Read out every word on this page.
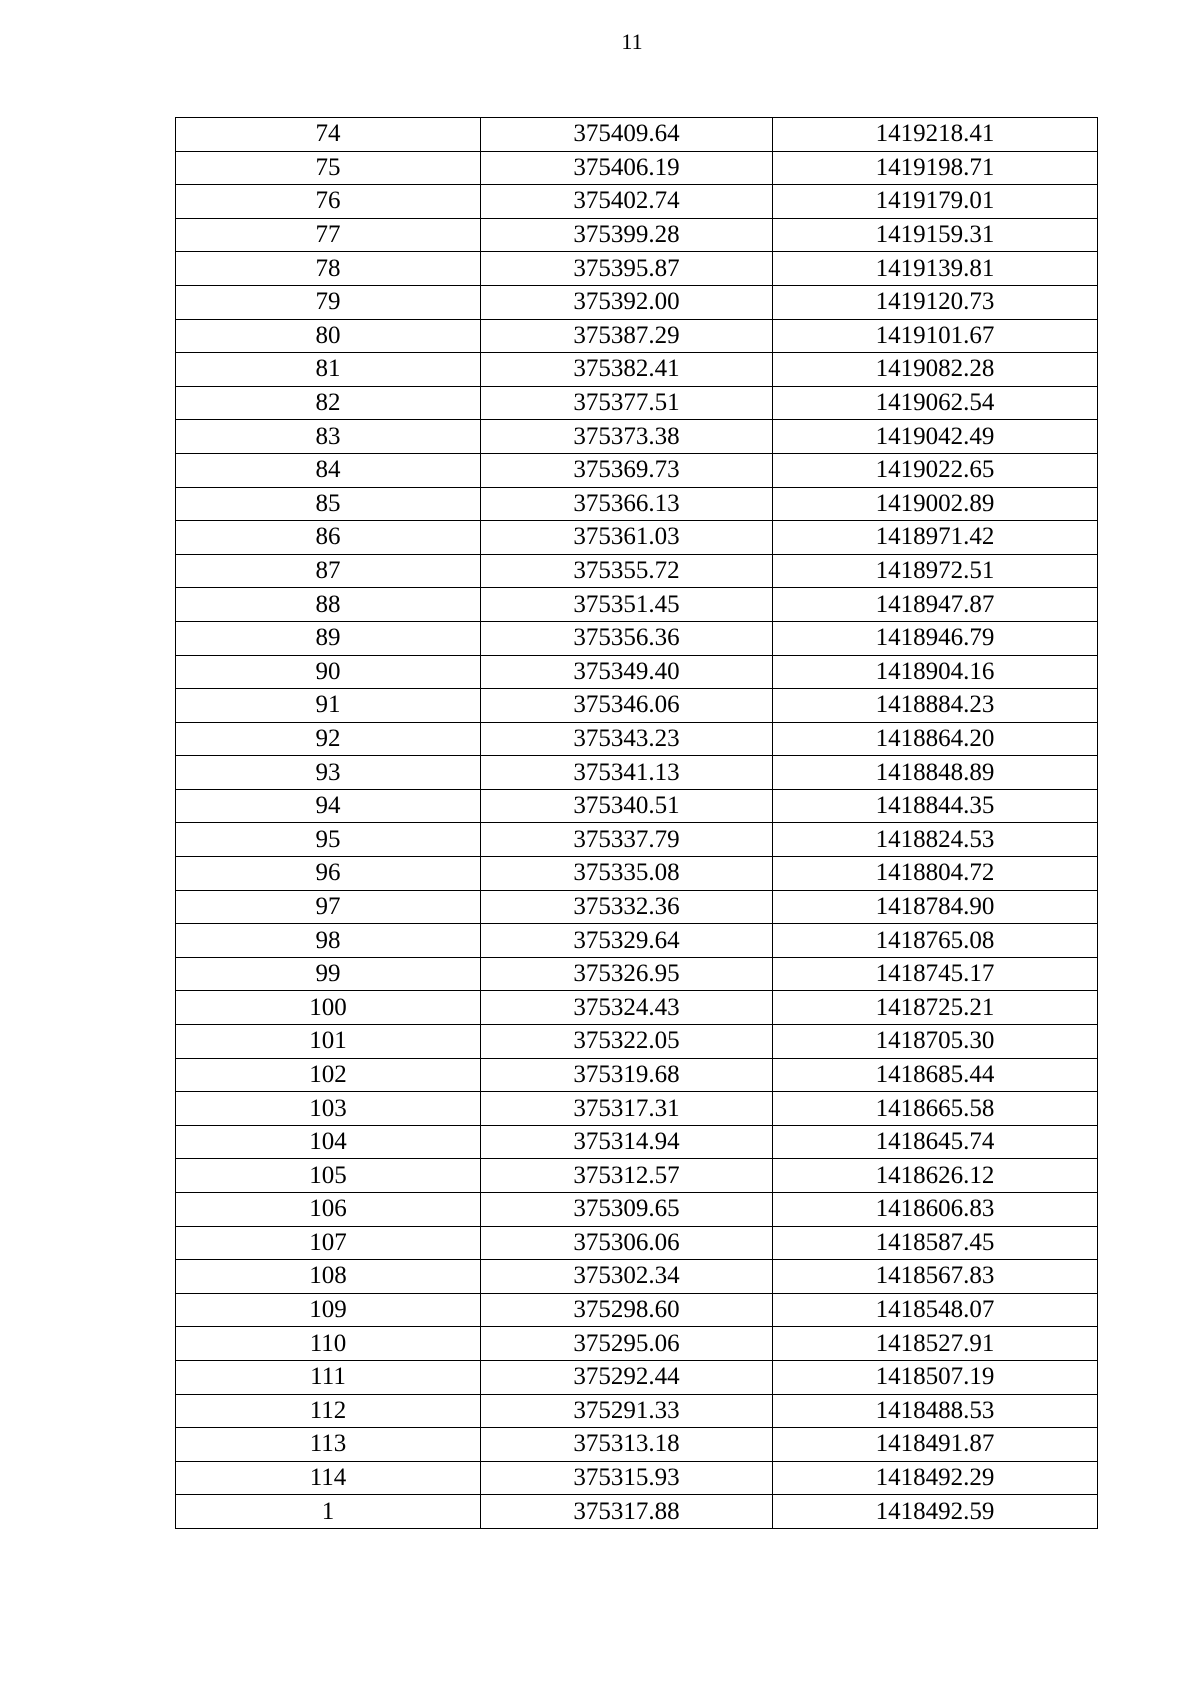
11
74	375409.64	1419218.41
75	375406.19	1419198.71
76	375402.74	1419179.01
77	375399.28	1419159.31
78	375395.87	1419139.81
79	375392.00	1419120.73
80	375387.29	1419101.67
81	375382.41	1419082.28
82	375377.51	1419062.54
83	375373.38	1419042.49
84	375369.73	1419022.65
85	375366.13	1419002.89
86	375361.03	1418971.42
87	375355.72	1418972.51
88	375351.45	1418947.87
89	375356.36	1418946.79
90	375349.40	1418904.16
91	375346.06	1418884.23
92	375343.23	1418864.20
93	375341.13	1418848.89
94	375340.51	1418844.35
95	375337.79	1418824.53
96	375335.08	1418804.72
97	375332.36	1418784.90
98	375329.64	1418765.08
99	375326.95	1418745.17
100	375324.43	1418725.21
101	375322.05	1418705.30
102	375319.68	1418685.44
103	375317.31	1418665.58
104	375314.94	1418645.74
105	375312.57	1418626.12
106	375309.65	1418606.83
107	375306.06	1418587.45
108	375302.34	1418567.83
109	375298.60	1418548.07
110	375295.06	1418527.91
111	375292.44	1418507.19
112	375291.33	1418488.53
113	375313.18	1418491.87
114	375315.93	1418492.29
1	375317.88	1418492.59
